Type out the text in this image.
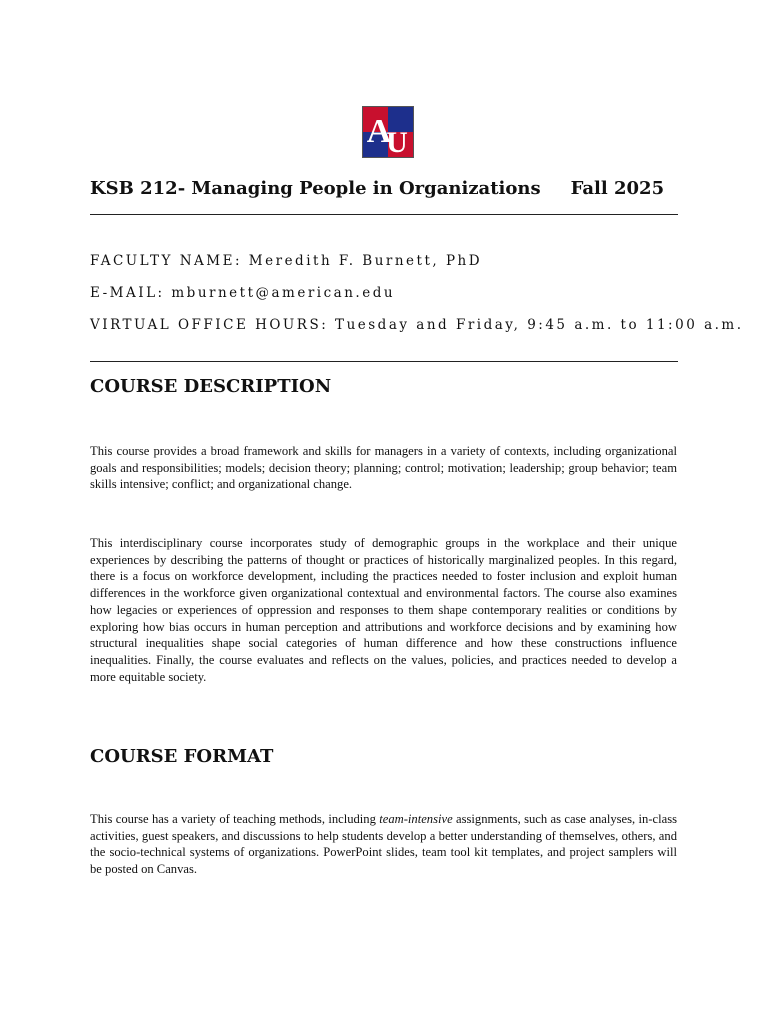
A
U
KSB 212- Managing People in Organizations Fall 2025
FACULTY NAME: Meredith F. Burnett, PhD
E-MAIL: mburnett@american.edu
VIRTUAL OFFICE HOURS: Tuesday and Friday, 9:45 a.m. to 11:00 a.m.
COURSE DESCRIPTION

This course provides a broad framework and skills for managers in a variety of contexts, including organizational goals and responsibilities; models; decision theory; planning; control; motivation; leadership; group behavior; team skills intensive; conflict; and organizational change.

This interdisciplinary course incorporates study of demographic groups in the workplace and their unique experiences by describing the patterns of thought or practices of historically marginalized peoples. In this regard, there is a focus on workforce development, including the practices needed to foster inclusion and exploit human differences in the workforce given organizational contextual and environmental factors. The course also examines how legacies or experiences of oppression and responses to them shape contemporary realities or conditions by exploring how bias occurs in human perception and attributions and workforce decisions and by examining how structural inequalities shape social categories of human difference and how these constructions influence inequalities. Finally, the course evaluates and reflects on the values, policies, and practices needed to develop a more equitable society.

COURSE FORMAT

This course has a variety of teaching methods, including team-intensive assignments, such as case analyses, in-class activities, guest speakers, and discussions to help students develop a better understanding of themselves, others, and the socio-technical systems of organizations. PowerPoint slides, team tool kit templates, and project samplers will be posted on Canvas.
